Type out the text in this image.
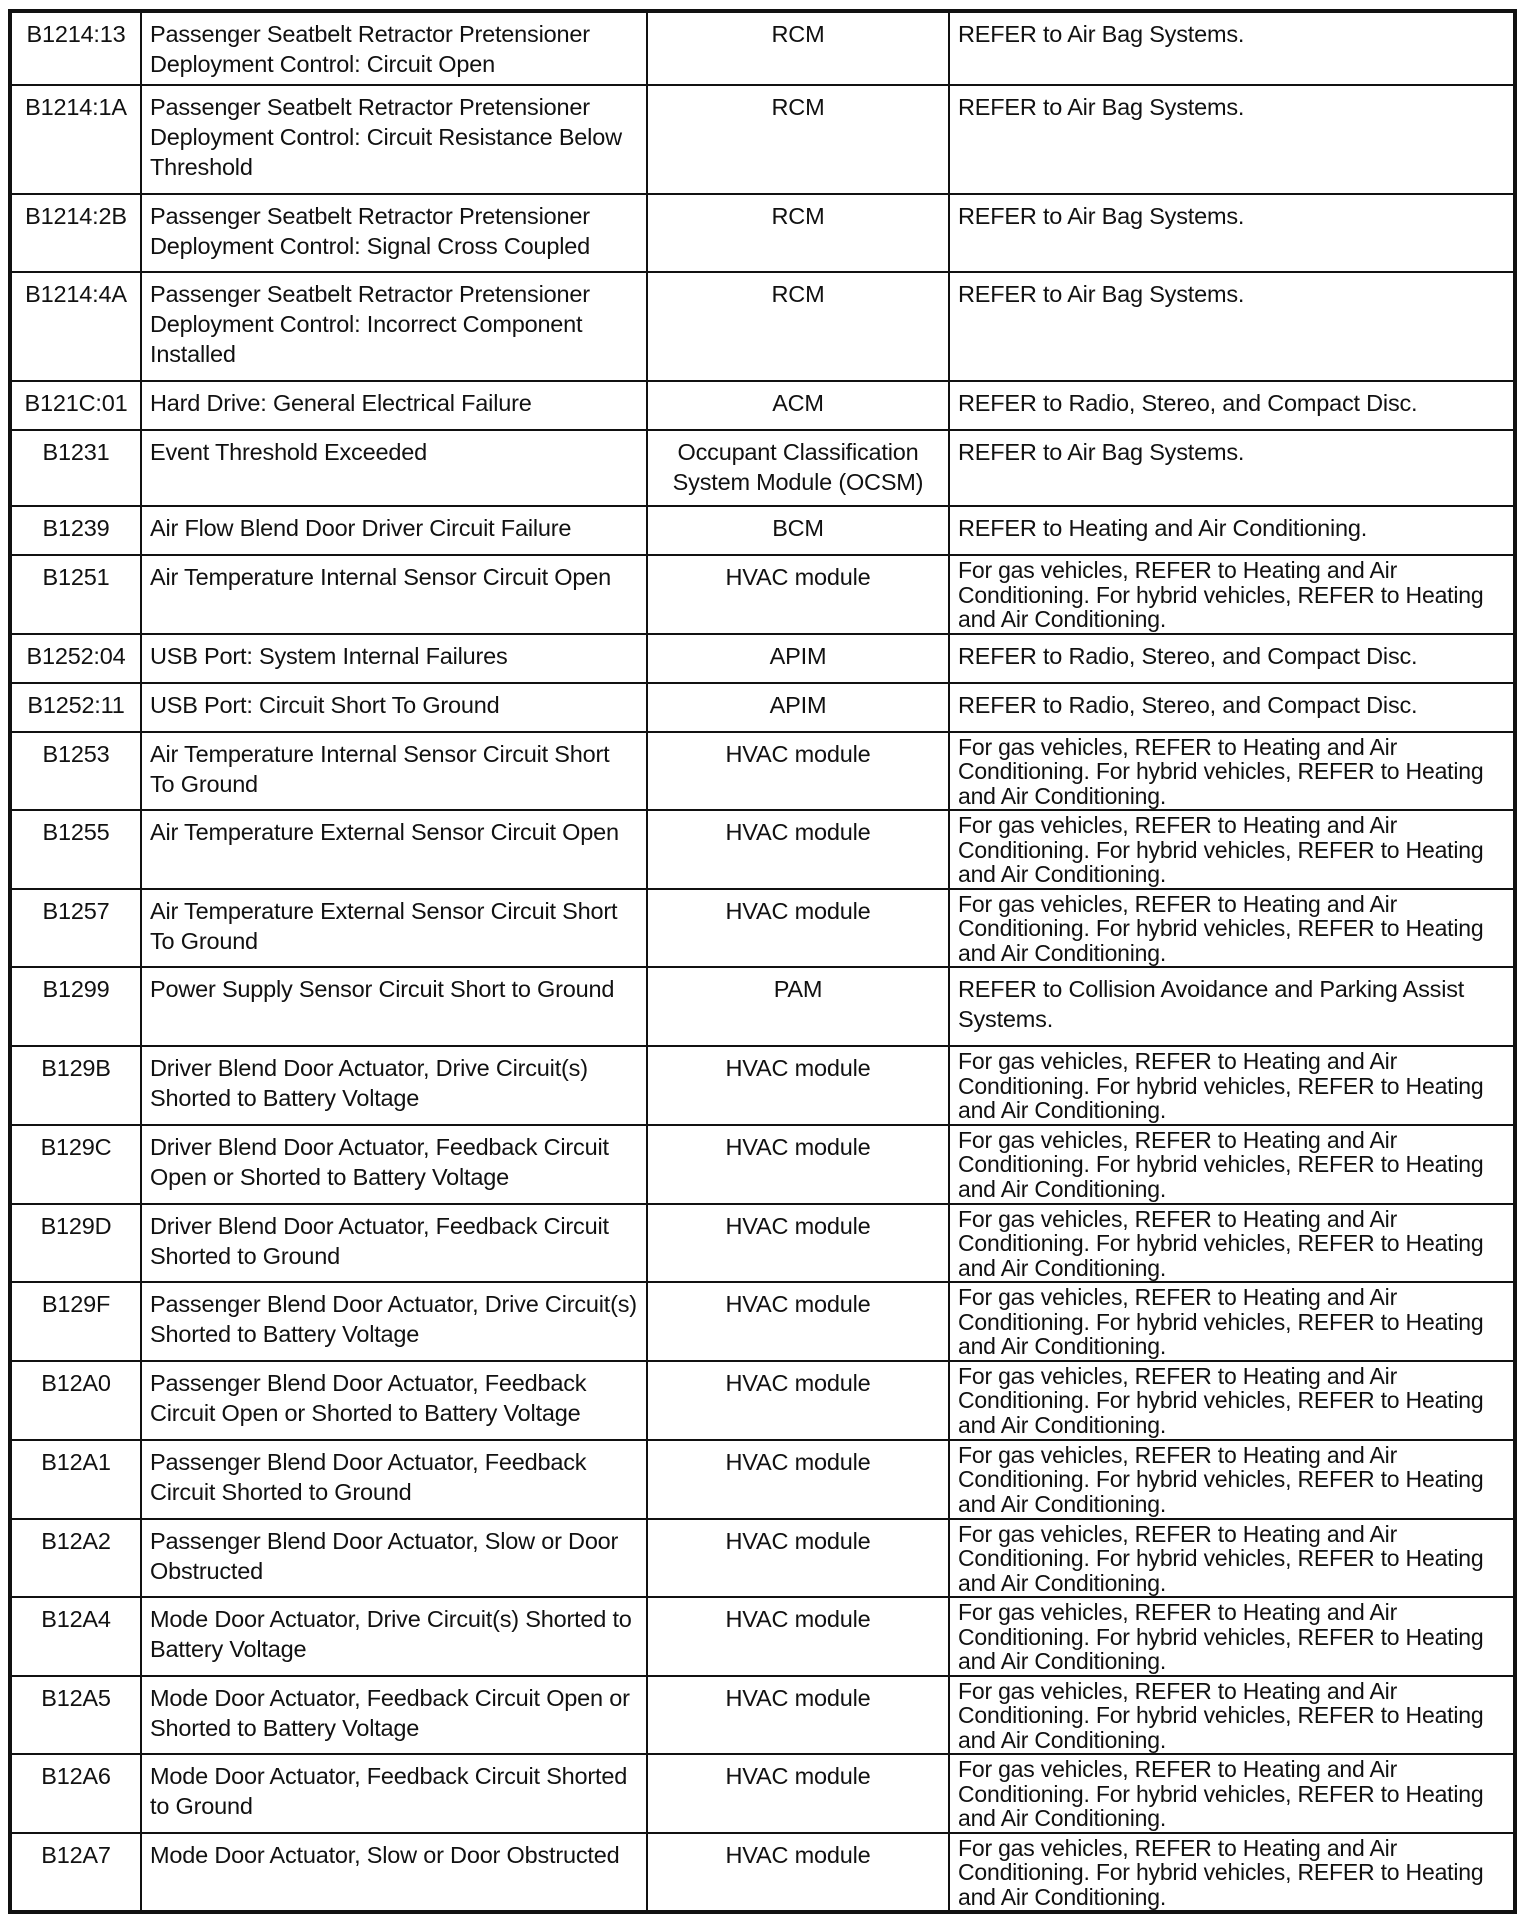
B1214:13	Passenger Seatbelt Retractor Pretensioner Deployment Control: Circuit Open	RCM	REFER to Air Bag Systems.
B1214:1A	Passenger Seatbelt Retractor Pretensioner Deployment Control: Circuit Resistance Below Threshold	RCM	REFER to Air Bag Systems.
B1214:2B	Passenger Seatbelt Retractor Pretensioner Deployment Control: Signal Cross Coupled	RCM	REFER to Air Bag Systems.
B1214:4A	Passenger Seatbelt Retractor Pretensioner Deployment Control: Incorrect Component Installed	RCM	REFER to Air Bag Systems.
B121C:01	Hard Drive: General Electrical Failure	ACM	REFER to Radio, Stereo, and Compact Disc.
B1231	Event Threshold Exceeded	Occupant Classification System Module (OCSM)	REFER to Air Bag Systems.
B1239	Air Flow Blend Door Driver Circuit Failure	BCM	REFER to Heating and Air Conditioning.
B1251	Air Temperature Internal Sensor Circuit Open	HVAC module	For gas vehicles, REFER to Heating and Air Conditioning. For hybrid vehicles, REFER to Heating and Air Conditioning.
B1252:04	USB Port: System Internal Failures	APIM	REFER to Radio, Stereo, and Compact Disc.
B1252:11	USB Port: Circuit Short To Ground	APIM	REFER to Radio, Stereo, and Compact Disc.
B1253	Air Temperature Internal Sensor Circuit Short To Ground	HVAC module	For gas vehicles, REFER to Heating and Air Conditioning. For hybrid vehicles, REFER to Heating and Air Conditioning.
B1255	Air Temperature External Sensor Circuit Open	HVAC module	For gas vehicles, REFER to Heating and Air Conditioning. For hybrid vehicles, REFER to Heating and Air Conditioning.
B1257	Air Temperature External Sensor Circuit Short To Ground	HVAC module	For gas vehicles, REFER to Heating and Air Conditioning. For hybrid vehicles, REFER to Heating and Air Conditioning.
B1299	Power Supply Sensor Circuit Short to Ground	PAM	REFER to Collision Avoidance and Parking Assist Systems.
B129B	Driver Blend Door Actuator, Drive Circuit(s) Shorted to Battery Voltage	HVAC module	For gas vehicles, REFER to Heating and Air Conditioning. For hybrid vehicles, REFER to Heating and Air Conditioning.
B129C	Driver Blend Door Actuator, Feedback Circuit Open or Shorted to Battery Voltage	HVAC module	For gas vehicles, REFER to Heating and Air Conditioning. For hybrid vehicles, REFER to Heating and Air Conditioning.
B129D	Driver Blend Door Actuator, Feedback Circuit Shorted to Ground	HVAC module	For gas vehicles, REFER to Heating and Air Conditioning. For hybrid vehicles, REFER to Heating and Air Conditioning.
B129F	Passenger Blend Door Actuator, Drive Circuit(s) Shorted to Battery Voltage	HVAC module	For gas vehicles, REFER to Heating and Air Conditioning. For hybrid vehicles, REFER to Heating and Air Conditioning.
B12A0	Passenger Blend Door Actuator, Feedback Circuit Open or Shorted to Battery Voltage	HVAC module	For gas vehicles, REFER to Heating and Air Conditioning. For hybrid vehicles, REFER to Heating and Air Conditioning.
B12A1	Passenger Blend Door Actuator, Feedback Circuit Shorted to Ground	HVAC module	For gas vehicles, REFER to Heating and Air Conditioning. For hybrid vehicles, REFER to Heating and Air Conditioning.
B12A2	Passenger Blend Door Actuator, Slow or Door Obstructed	HVAC module	For gas vehicles, REFER to Heating and Air Conditioning. For hybrid vehicles, REFER to Heating and Air Conditioning.
B12A4	Mode Door Actuator, Drive Circuit(s) Shorted to Battery Voltage	HVAC module	For gas vehicles, REFER to Heating and Air Conditioning. For hybrid vehicles, REFER to Heating and Air Conditioning.
B12A5	Mode Door Actuator, Feedback Circuit Open or Shorted to Battery Voltage	HVAC module	For gas vehicles, REFER to Heating and Air Conditioning. For hybrid vehicles, REFER to Heating and Air Conditioning.
B12A6	Mode Door Actuator, Feedback Circuit Shorted to Ground	HVAC module	For gas vehicles, REFER to Heating and Air Conditioning. For hybrid vehicles, REFER to Heating and Air Conditioning.
B12A7	Mode Door Actuator, Slow or Door Obstructed	HVAC module	For gas vehicles, REFER to Heating and Air Conditioning. For hybrid vehicles, REFER to Heating and Air Conditioning.
